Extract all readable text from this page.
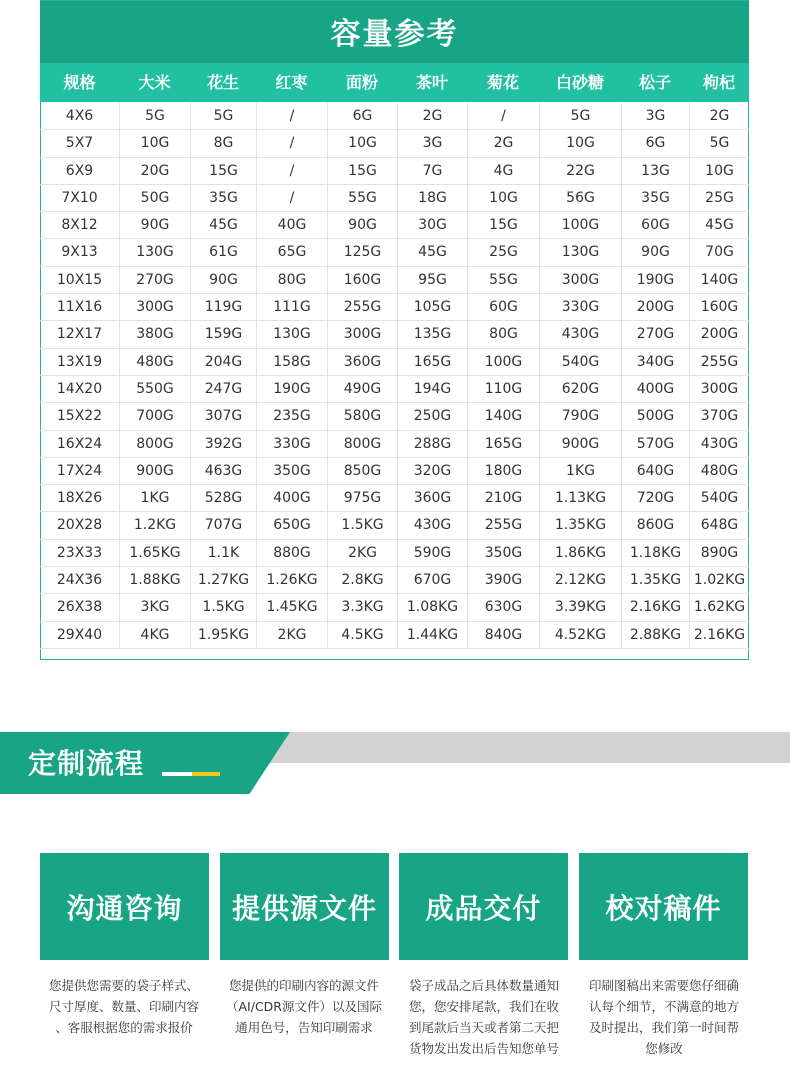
容量参考
规格	大米	花生	红枣	面粉	茶叶	菊花	白砂糖	松子	枸杞
4X6	5G	5G	/	6G	2G	/	5G	3G	2G
5X7	10G	8G	/	10G	3G	2G	10G	6G	5G
6X9	20G	15G	/	15G	7G	4G	22G	13G	10G
7X10	50G	35G	/	55G	18G	10G	56G	35G	25G
8X12	90G	45G	40G	90G	30G	15G	100G	60G	45G
9X13	130G	61G	65G	125G	45G	25G	130G	90G	70G
10X15	270G	90G	80G	160G	95G	55G	300G	190G	140G
11X16	300G	119G	111G	255G	105G	60G	330G	200G	160G
12X17	380G	159G	130G	300G	135G	80G	430G	270G	200G
13X19	480G	204G	158G	360G	165G	100G	540G	340G	255G
14X20	550G	247G	190G	490G	194G	110G	620G	400G	300G
15X22	700G	307G	235G	580G	250G	140G	790G	500G	370G
16X24	800G	392G	330G	800G	288G	165G	900G	570G	430G
17X24	900G	463G	350G	850G	320G	180G	1KG	640G	480G
18X26	1KG	528G	400G	975G	360G	210G	1.13KG	720G	540G
20X28	1.2KG	707G	650G	1.5KG	430G	255G	1.35KG	860G	648G
23X33	1.65KG	1.1K	880G	2KG	590G	350G	1.86KG	1.18KG	890G
24X36	1.88KG	1.27KG	1.26KG	2.8KG	670G	390G	2.12KG	1.35KG 1.02KG
26X38	3KG	1.5KG	1.45KG	3.3KG	1.08KG	630G	3.39KG	2.16KG 1.62KG
29X40	4KG	1.95KG	2KG	4.5KG	1.44KG	840G	4.52KG	2.88KG 2.16KG
定制流程
沟通咨询 提供源文件 成品交付 校对稿件
您提供您需要的袋子样式、
尺寸厚度、数量、印刷内容
、客服根据您的需求报价
您提供的印刷内容的源文件
（AI/CDR源文件）以及国际
通用色号，告知印刷需求
袋子成品之后具体数量通知
您，您安排尾款，我们在收
到尾款后当天或者第二天把
货物发出发出后告知您单号
印刷图稿出来需要您仔细确
认每个细节，不满意的地方
及时提出，我们第一时间帮
您修改
